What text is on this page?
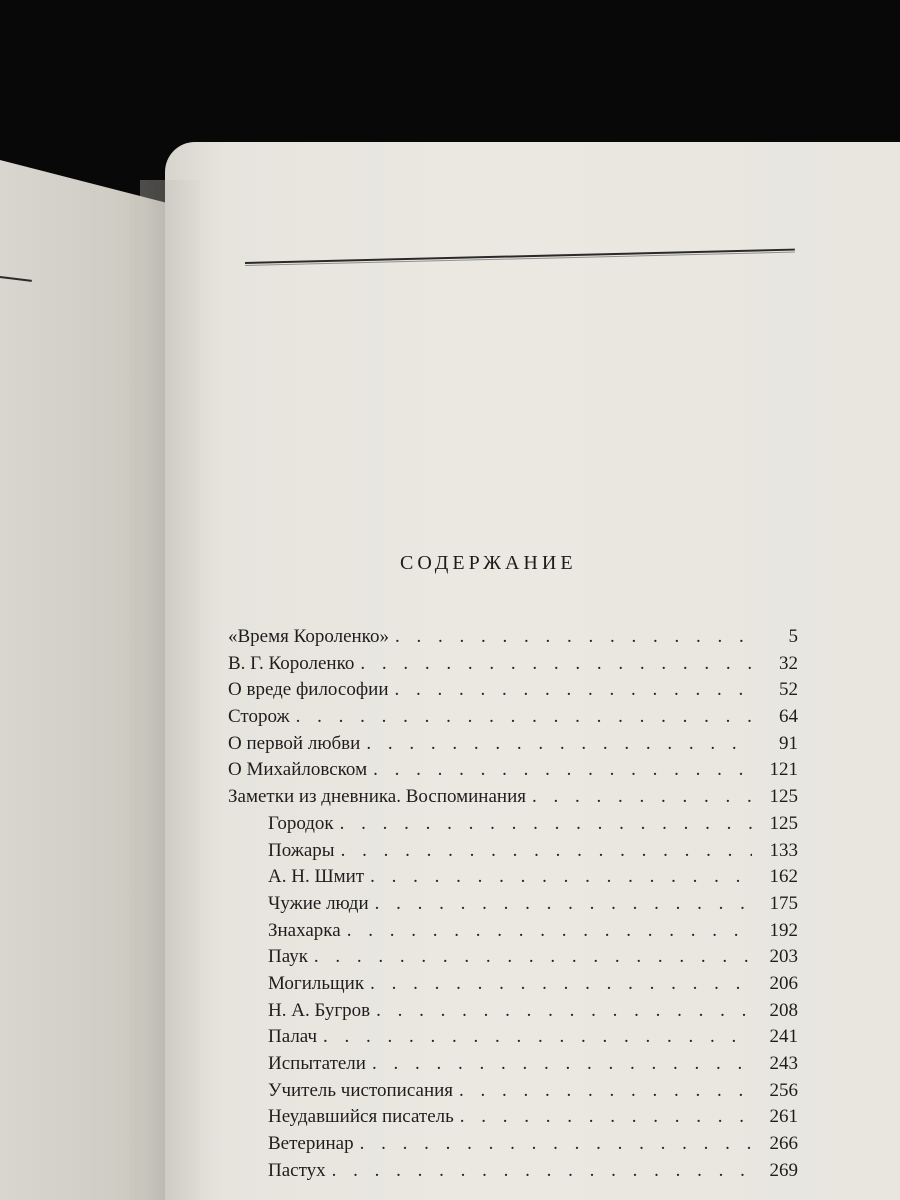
СОДЕРЖАНИЕ
«Время Короленко» . . .	5
В. Г. Короленко . . .	32
О вреде философии . . .	52
Сторож . . .	64
О первой любви . . .	91
О Михайловском . . .	121
Заметки из дневника. Воспоминания . . .	125
Городок . . .	125
Пожары . . .	133
А. Н. Шмит . . .	162
Чужие люди . . .	175
Знахарка . . .	192
Паук . . .	203
Могильщик . . .	206
Н. А. Бугров . . .	208
Палач . . .	241
Испытатели . . .	243
Учитель чистописания . . .	256
Неудавшийся писатель . . .	261
Ветеринар . . .	266
Пастух . . .	269
